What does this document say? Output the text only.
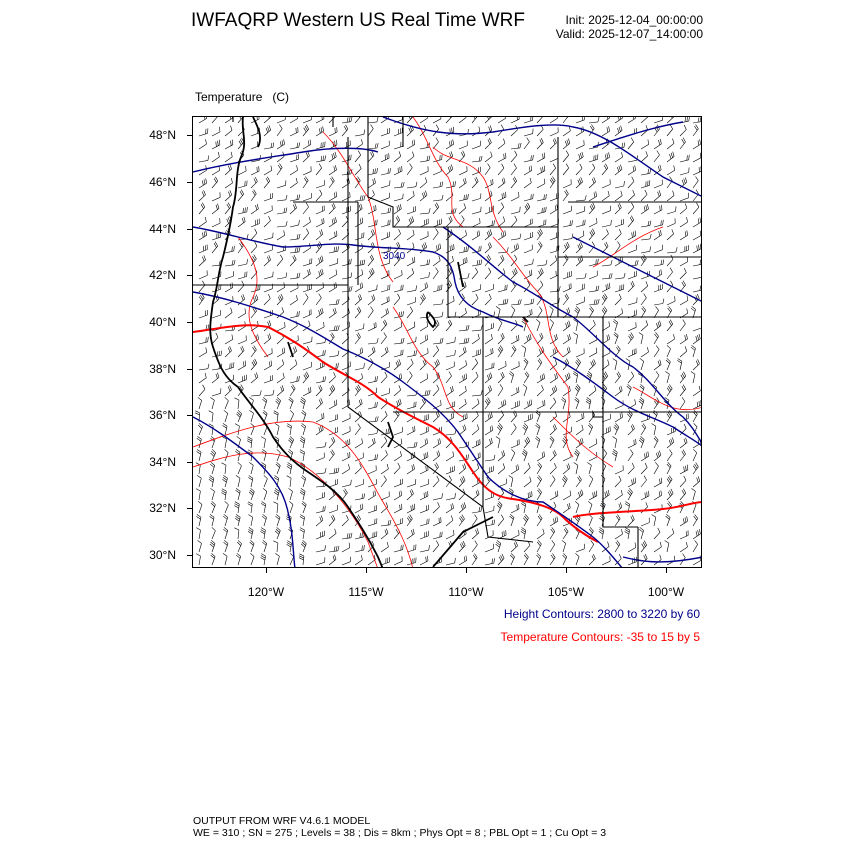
IWFAQRP Western US Real Time WRF	Init: 2025-12-04_00:00:00
Valid: 2025-12-07_14:00:00

Temperature   (C)

48°N
46°N
44°N
42°N
40°N
38°N
36°N
34°N
32°N
30°N
120°W	115°W	110°W	105°W	100°W
3040
Height Contours: 2800 to 3220 by 60
Temperature Contours: -35 to 15 by 5
OUTPUT FROM WRF V4.6.1 MODEL
WE = 310 ; SN = 275 ; Levels = 38 ; Dis = 8km ; Phys Opt = 8 ; PBL Opt = 1 ; Cu Opt = 3
